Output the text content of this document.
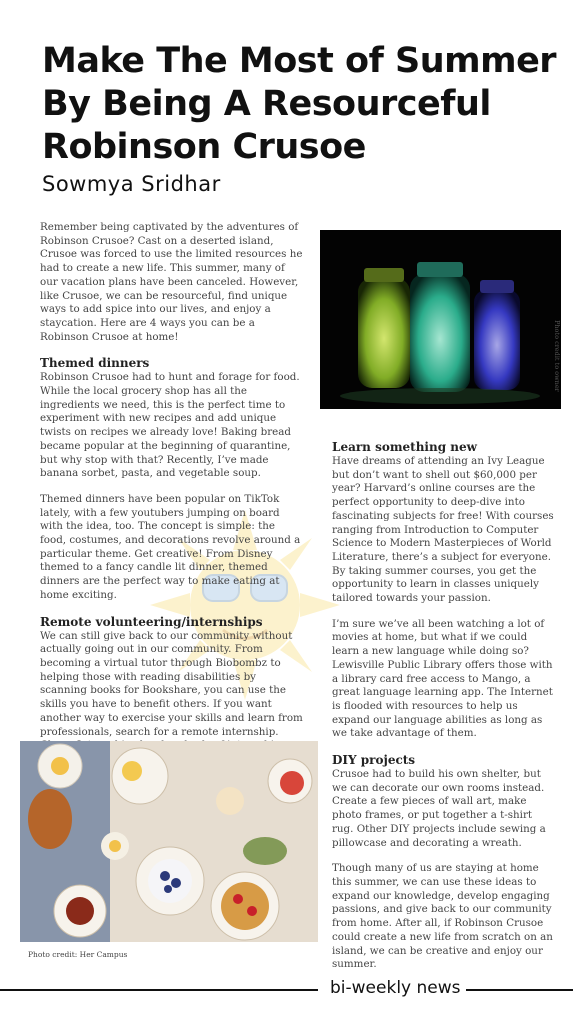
Make The Most of Summer By Being A Resourceful Robinson Crusoe
Sowmya Sridhar

Remember being captivated by the adventures of Robinson Crusoe? Cast on a deserted island, Crusoe was forced to use the limited resources he had to create a new life. This summer, many of our vacation plans have been canceled. However, like Crusoe, we can be resourceful, find unique ways to add spice into our lives, and enjoy a staycation. Here are 4 ways you can be a Robinson Crusoe at home!

Themed dinners

Robinson Crusoe had to hunt and forage for food. While the local grocery shop has all the ingredients we need, this is the perfect time to experiment with new recipes and add unique twists on recipes we already love! Baking bread became popular at the beginning of quarantine, but why stop with that? Recently, I’ve made banana sorbet, pasta, and vegetable soup.

Themed dinners have been popular on TikTok lately, with a few youtubers jumping on board with the idea, too. The concept is simple: the food, costumes, and decorations revolve around a particular theme. Get creative! From Disney themed to a fancy candle lit dinner, themed dinners are the perfect way to make eating at home exciting.

Remote volunteering/internships

We can still give back to our community without actually going out in our community. From becoming a virtual tutor through Biobombz to helping those with reading disabilities by scanning books for Bookshare, you can use the skills you have to benefit others. If you want another way to exercise your skills and learn from professionals, search for a remote internship.

Photo credit to owner
Learn something new

Have dreams of attending an Ivy League but don’t want to shell out $60,000 per year? Harvard’s online courses are the perfect opportunity to deep-dive into fascinating subjects for free! With courses ranging from Introduction to Computer Science to Modern Masterpieces of World Literature, there’s a subject for everyone. By taking summer courses, you get the opportunity to learn in classes uniquely tailored towards your passion.

I’m sure we’ve all been watching a lot of movies at home, but what if we could learn a new language while doing so? Lewisville Public Library offers those with a library card free access to Mango, a great language learning app. The Internet is flooded with resources to help us expand our language abilities as long as we take advantage of them.

DIY projects

Crusoe had to build his own shelter, but we can decorate our own rooms instead. Create a few pieces of wall art, make photo frames, or put together a t-shirt rug. Other DIY projects include sewing a pillowcase and decorating a wreath.

Though many of us are staying at home this summer, we can use these ideas to expand our knowledge, develop engaging passions, and give back to our community from home. After all, if Robinson Crusoe could create a new life from scratch on an island, we can be creative and enjoy our summer.

Photo credit: Her Campus
bi-weekly news
